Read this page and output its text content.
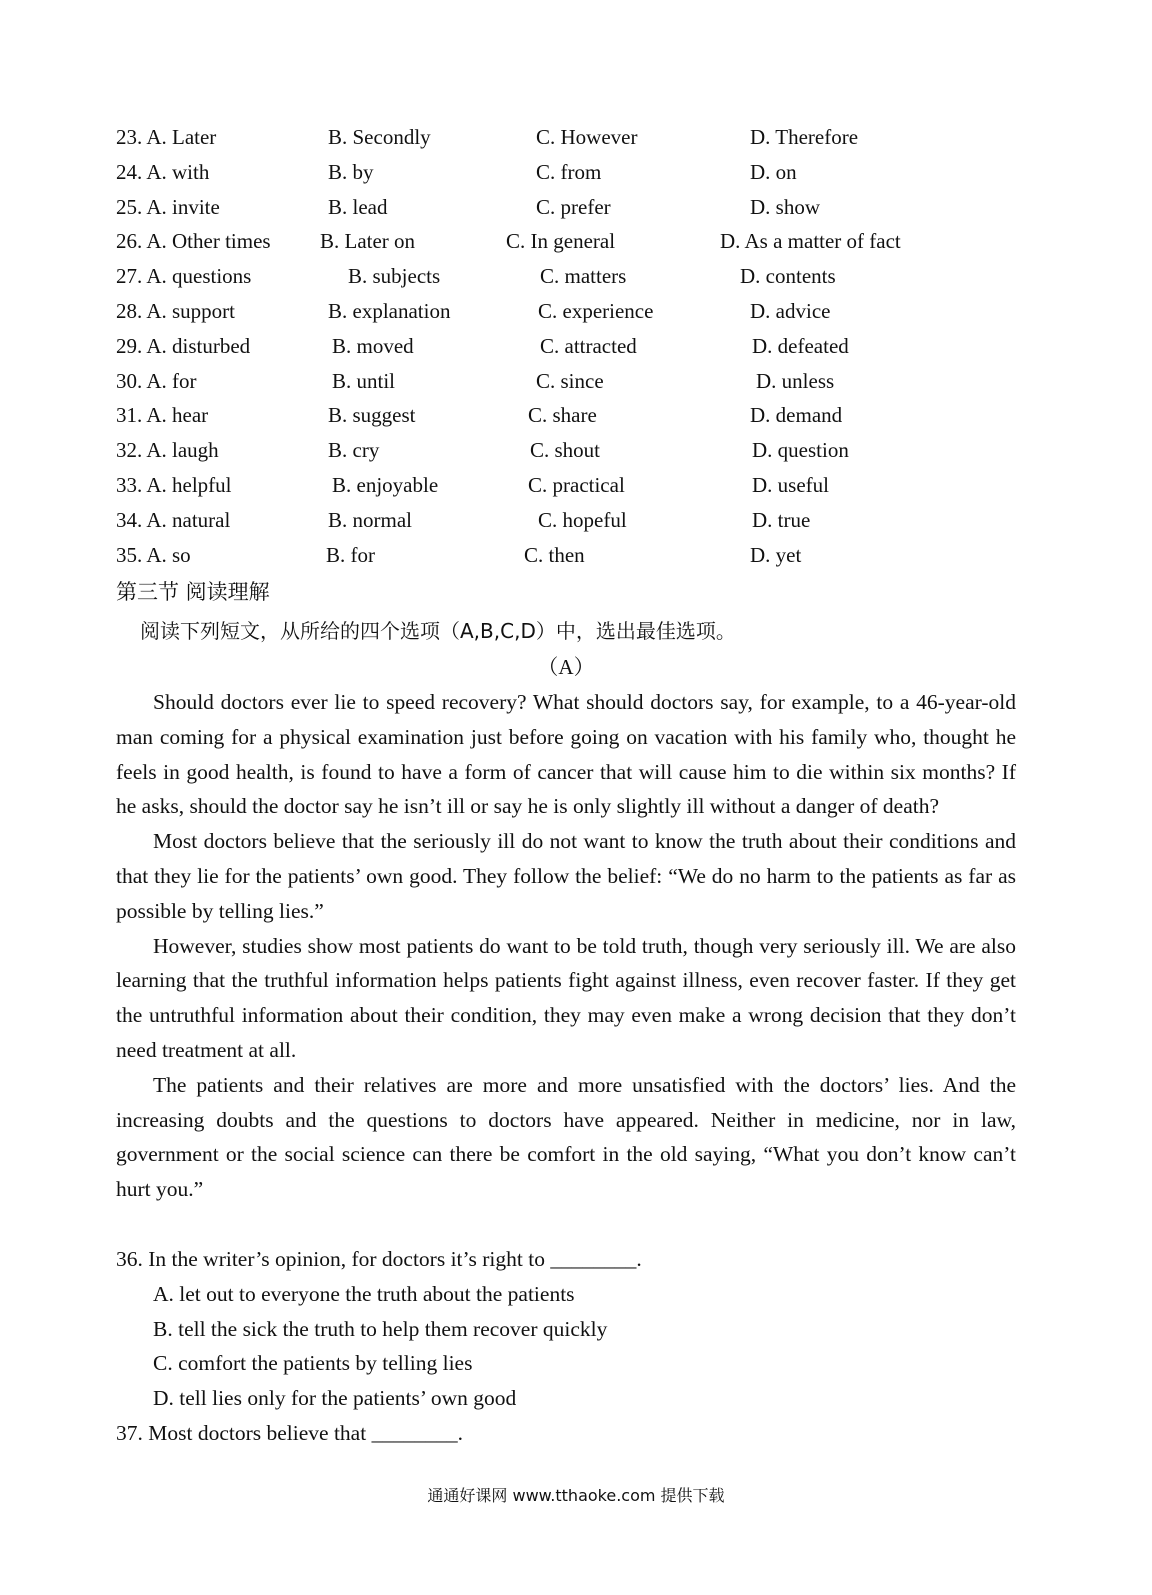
23. A. Later	B. Secondly	C. However	D. Therefore
24. A. with	B. by	C. from	D. on
25. A. invite	B. lead	C. prefer	D. show
26. A. Other times B. Later on	C. In general	D. As a matter of fact
27. A. questions	B. subjects	C. matters	D. contents
28. A. support	B. explanation	C. experience	D. advice
29. A. disturbed	B. moved	C. attracted	D. defeated
30. A. for	B. until	C. since	D. unless
31. A. hear	B. suggest	C. share	D. demand
32. A. laugh	B. cry	C. shout	D. question
33. A. helpful	B. enjoyable	C. practical	D. useful
34. A. natural	B. normal	C. hopeful	D. true
35. A. so	B. for	C. then	D. yet
第三节 阅读理解
阅读下列短文，从所给的四个选项（A,B,C,D）中，选出最佳选项。
（A）

Should doctors ever lie to speed recovery? What should doctors say, for example, to a 46-year-old man coming for a physical examination just before going on vacation with his family who, thought he feels in good health, is found to have a form of cancer that will cause him to die within six months? If he asks, should the doctor say he isn’t ill or say he is only slightly ill without a danger of death?

Most doctors believe that the seriously ill do not want to know the truth about their conditions and that they lie for the patients’ own good. They follow the belief: “We do no harm to the patients as far as possible by telling lies.”

However, studies show most patients do want to be told truth, though very seriously ill. We are also learning that the truthful information helps patients fight against illness, even recover faster. If they get the untruthful information about their condition, they may even make a wrong decision that they don’t need treatment at all.

The patients and their relatives are more and more unsatisfied with the doctors’ lies. And the increasing doubts and the questions to doctors have appeared. Neither in medicine, nor in law, government or the social science can there be comfort in the old saying, “What you don’t know can’t hurt you.”

36. In the writer’s opinion, for doctors it’s right to ________.

A. let out to everyone the truth about the patients

B. tell the sick the truth to help them recover quickly

C. comfort the patients by telling lies

D. tell lies only for the patients’ own good

37. Most doctors believe that ________.

通通好课网 www.tthaoke.com 提供下载
